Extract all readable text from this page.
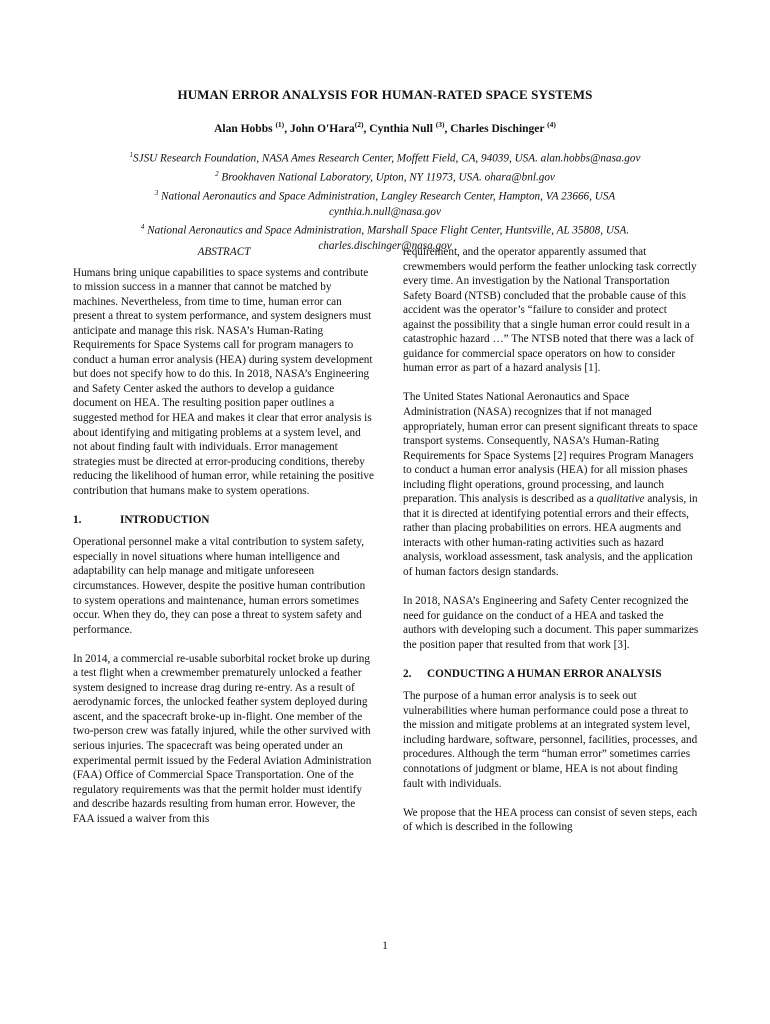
HUMAN ERROR ANALYSIS FOR HUMAN-RATED SPACE SYSTEMS
Alan Hobbs $^{(1)}$, John O'Hara$^{(2)}$, Cynthia Null $^{(3)}$, Charles Dischinger $^{(4)}$
$^1$SJSU Research Foundation, NASA Ames Research Center, Moffett Field, CA, 94039, USA. alan.hobbs@nasa.gov
$^2$ Brookhaven National Laboratory, Upton, NY 11973, USA. ohara@bnl.gov
$^3$ National Aeronautics and Space Administration, Langley Research Center, Hampton, VA 23666, USA
cynthia.h.null@nasa.gov
$^4$ National Aeronautics and Space Administration, Marshall Space Flight Center, Huntsville, AL 35808, USA.
charles.dischinger@nasa.gov
ABSTRACT

Humans bring unique capabilities to space systems and contribute to mission success in a manner that cannot be matched by machines. Nevertheless, from time to time, human error can present a threat to system performance, and system designers must anticipate and manage this risk. NASA’s Human-Rating Requirements for Space Systems call for program managers to conduct a human error analysis (HEA) during system development but does not specify how to do this. In 2018, NASA’s Engineering and Safety Center asked the authors to develop a guidance document on HEA. The resulting position paper outlines a suggested method for HEA and makes it clear that error analysis is about identifying and mitigating problems at a system level, and not about finding fault with individuals. Error management strategies must be directed at error-producing conditions, thereby reducing the likelihood of human error, while retaining the positive contribution that humans make to system operations.

1.	INTRODUCTION

Operational personnel make a vital contribution to system safety, especially in novel situations where human intelligence and adaptability can help manage and mitigate unforeseen circumstances. However, despite the positive human contribution to system operations and maintenance, human errors sometimes occur. When they do, they can pose a threat to system safety and performance.

In 2014, a commercial re-usable suborbital rocket broke up during a test flight when a crewmember prematurely unlocked a feather system designed to increase drag during re-entry. As a result of aerodynamic forces, the unlocked feather system deployed during ascent, and the spacecraft broke-up in-flight. One member of the two-person crew was fatally injured, while the other survived with serious injuries. The spacecraft was being operated under an experimental permit issued by the Federal Aviation Administration (FAA) Office of Commercial Space Transportation. One of the regulatory requirements was that the permit holder must identify and describe hazards resulting from human error. However, the FAA issued a waiver from this

requirement, and the operator apparently assumed that crewmembers would perform the feather unlocking task correctly every time. An investigation by the National Transportation Safety Board (NTSB) concluded that the probable cause of this accident was the operator’s “failure to consider and protect against the possibility that a single human error could result in a catastrophic hazard …” The NTSB noted that there was a lack of guidance for commercial space operators on how to consider human error as part of a hazard analysis [1].

The United States National Aeronautics and Space Administration (NASA) recognizes that if not managed appropriately, human error can present significant threats to space transport systems. Consequently, NASA’s Human-Rating Requirements for Space Systems [2] requires Program Managers to conduct a human error analysis (HEA) for all mission phases including flight operations, ground processing, and launch preparation. This analysis is described as a qualitative analysis, in that it is directed at identifying potential errors and their effects, rather than placing probabilities on errors. HEA augments and interacts with other human-rating activities such as hazard analysis, workload assessment, task analysis, and the application of human factors design standards.

In 2018, NASA’s Engineering and Safety Center recognized the need for guidance on the conduct of a HEA and tasked the authors with developing such a document. This paper summarizes the position paper that resulted from that work [3].

2.	CONDUCTING A HUMAN ERROR ANALYSIS

The purpose of a human error analysis is to seek out vulnerabilities where human performance could pose a threat to the mission and mitigate problems at an integrated system level, including hardware, software, personnel, facilities, processes, and procedures. Although the term “human error” sometimes carries connotations of judgment or blame, HEA is not about finding fault with individuals.

We propose that the HEA process can consist of seven steps, each of which is described in the following

1
